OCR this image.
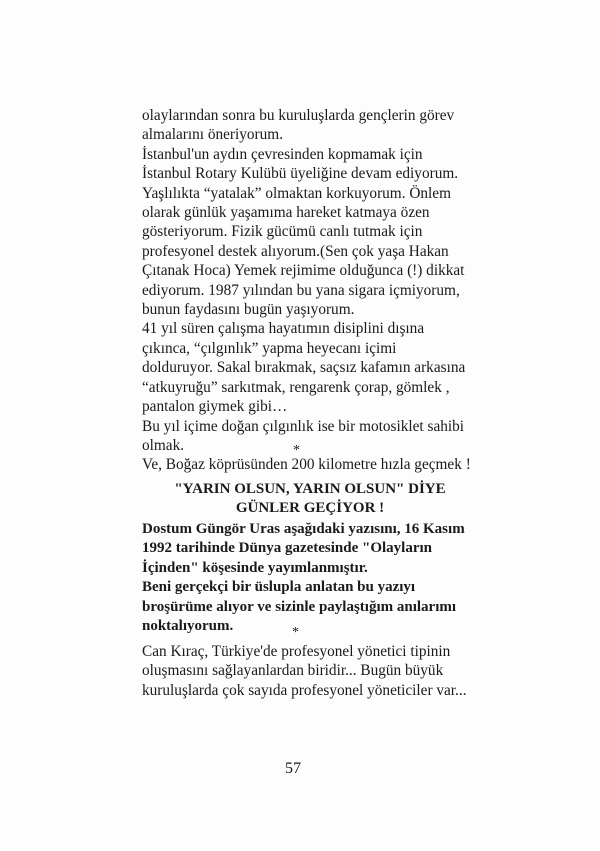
olaylarından sonra bu kuruluşlarda gençlerin görev

almalarını öneriyorum.

İstanbul'un aydın çevresinden kopmamak için

İstanbul Rotary Kulübü üyeliğine devam ediyorum.

Yaşlılıkta “yatalak” olmaktan korkuyorum. Önlem

olarak günlük yaşamıma hareket katmaya özen

gösteriyorum. Fizik gücümü canlı tutmak için

profesyonel destek alıyorum.(Sen çok yaşa Hakan

Çıtanak Hoca) Yemek rejimime olduğunca (!) dikkat

ediyorum. 1987 yılından bu yana sigara içmiyorum,

bunun faydasını bugün yaşıyorum.

41 yıl süren çalışma hayatımın disiplini dışına

çıkınca, “çılgınlık” yapma heyecanı içimi

dolduruyor. Sakal bırakmak, saçsız kafamın arkasına

“atkuyruğu” sarkıtmak, rengarenk çorap, gömlek ,

pantalon giymek gibi…

Bu yıl içime doğan çılgınlık ise bir motosiklet sahibi

olmak.

Ve, Boğaz köprüsünden 200 kilometre hızla geçmek !

*

"YARIN OLSUN, YARIN OLSUN" DİYE

GÜNLER GEÇİYOR !

Dostum Güngör Uras aşağıdaki yazısını, 16 Kasım

1992 tarihinde Dünya gazetesinde "Olayların

İçinden" köşesinde yayımlanmıştır.

Beni gerçekçi bir üslupla anlatan bu yazıyı

broşürüme alıyor ve sizinle paylaştığım anılarımı

noktalıyorum.	*

Can Kıraç, Türkiye'de profesyonel yönetici tipinin

oluşmasını sağlayanlardan biridir... Bugün büyük

kuruluşlarda çok sayıda profesyonel yöneticiler var...

57
